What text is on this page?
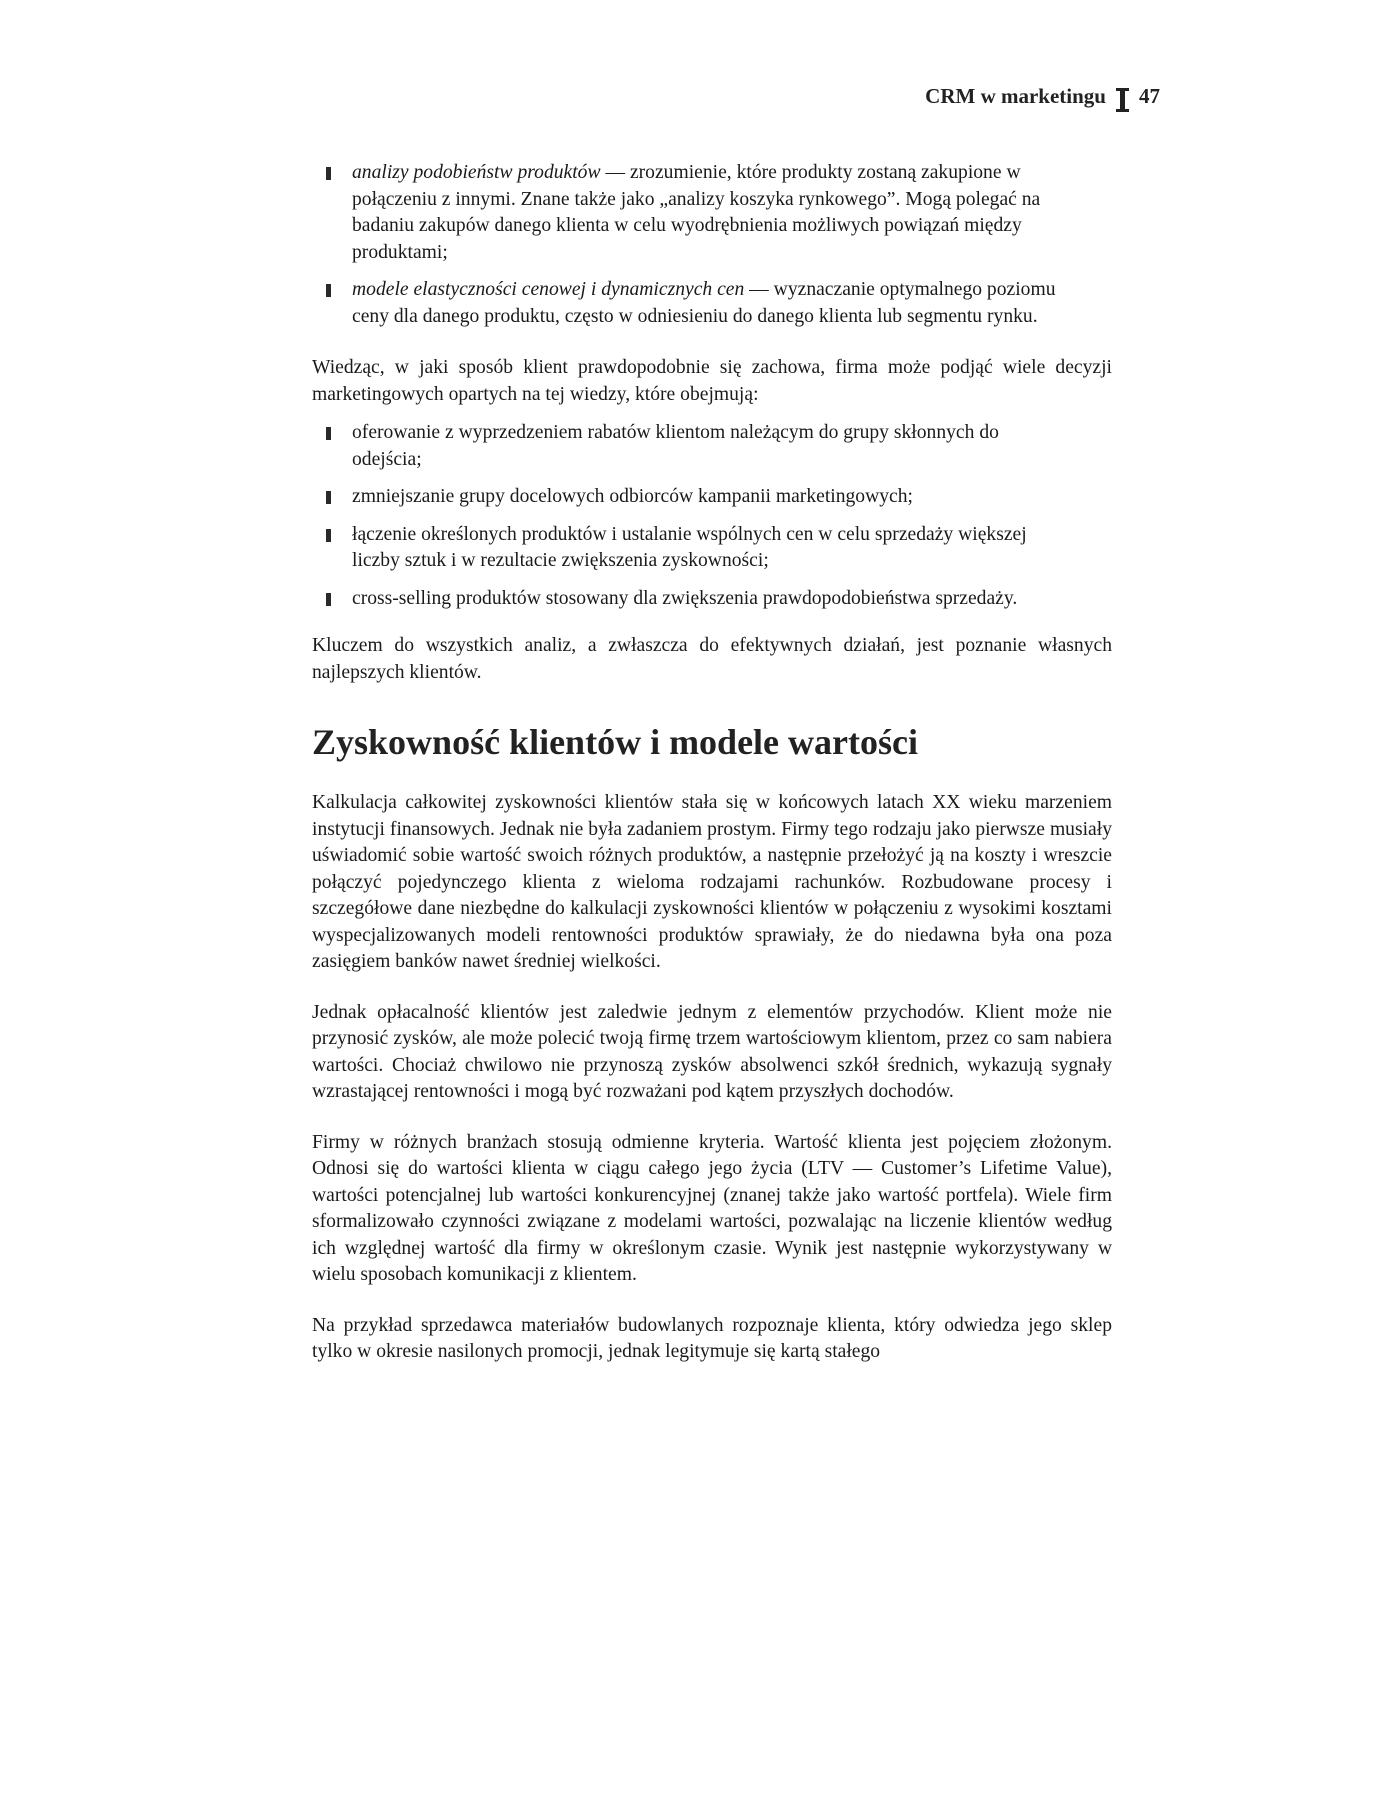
CRM w marketingu 47
analizy podobieństw produktów — zrozumienie, które produkty zostaną zakupione w połączeniu z innymi. Znane także jako „analizy koszyka rynkowego”. Mogą polegać na badaniu zakupów danego klienta w celu wyodrębnienia możliwych powiązań między produktami;
modele elastyczności cenowej i dynamicznych cen — wyznaczanie optymalnego poziomu ceny dla danego produktu, często w odniesieniu do danego klienta lub segmentu rynku.

Wiedząc, w jaki sposób klient prawdopodobnie się zachowa, firma może podjąć wiele decyzji marketingowych opartych na tej wiedzy, które obejmują:

oferowanie z wyprzedzeniem rabatów klientom należącym do grupy skłonnych do odejścia;
zmniejszanie grupy docelowych odbiorców kampanii marketingowych;
łączenie określonych produktów i ustalanie wspólnych cen w celu sprzedaży większej liczby sztuk i w rezultacie zwiększenia zyskowności;
cross-selling produktów stosowany dla zwiększenia prawdopodobieństwa sprzedaży.

Kluczem do wszystkich analiz, a zwłaszcza do efektywnych działań, jest poznanie własnych najlepszych klientów.

Zyskowność klientów i modele wartości

Kalkulacja całkowitej zyskowności klientów stała się w końcowych latach XX wieku marzeniem instytucji finansowych. Jednak nie była zadaniem prostym. Firmy tego rodzaju jako pierwsze musiały uświadomić sobie wartość swoich różnych produktów, a następnie przełożyć ją na koszty i wreszcie połączyć pojedynczego klienta z wieloma rodzajami rachunków. Rozbudowane procesy i szczegółowe dane niezbędne do kalkulacji zyskowności klientów w połączeniu z wysokimi kosztami wyspecjalizowanych modeli rentowności produktów sprawiały, że do niedawna była ona poza zasięgiem banków nawet średniej wielkości.

Jednak opłacalność klientów jest zaledwie jednym z elementów przychodów. Klient może nie przynosić zysków, ale może polecić twoją firmę trzem wartościowym klientom, przez co sam nabiera wartości. Chociaż chwilowo nie przynoszą zysków absolwenci szkół średnich, wykazują sygnały wzrastającej rentowności i mogą być rozważani pod kątem przyszłych dochodów.

Firmy w różnych branżach stosują odmienne kryteria. Wartość klienta jest pojęciem złożonym. Odnosi się do wartości klienta w ciągu całego jego życia (LTV — Customer’s Lifetime Value), wartości potencjalnej lub wartości konkurencyjnej (znanej także jako wartość portfela). Wiele firm sformalizowało czynności związane z modelami wartości, pozwalając na liczenie klientów według ich względnej wartość dla firmy w określonym czasie. Wynik jest następnie wykorzystywany w wielu sposobach komunikacji z klientem.

Na przykład sprzedawca materiałów budowlanych rozpoznaje klienta, który odwiedza jego sklep tylko w okresie nasilonych promocji, jednak legitymuje się kartą stałego
